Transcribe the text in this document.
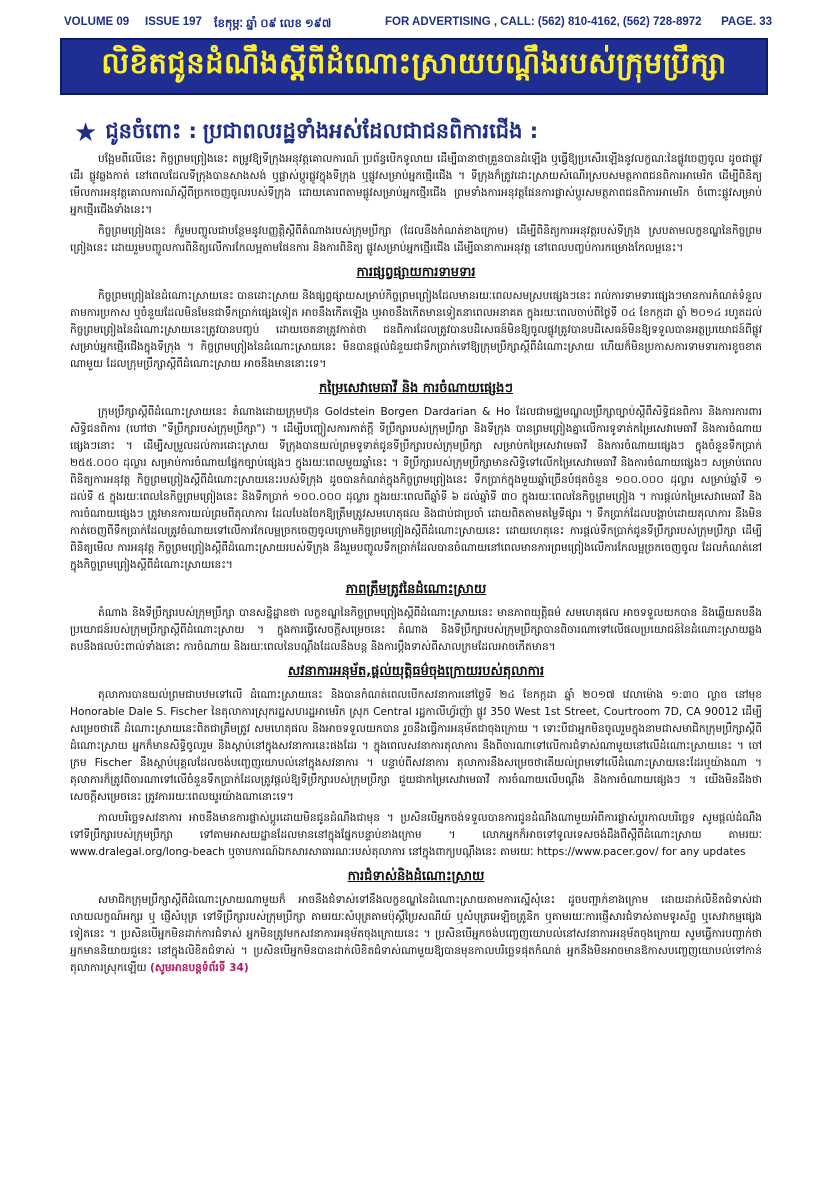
VOLUME 09 ISSUE 197 ខែកុម្ភៈ ឆ្នាំ ០៩ លេខ ១៩៧	FOR ADVERTISING , CALL: (562) 810-4162, (562) 728-8972 PAGE. 33
លិខិតជូនដំណឹងស្តីពីដំណោះស្រាយបណ្តឹងរបស់ក្រុមប្រឹក្សា
★ ជូនចំពោះ : ប្រជាពលរដ្ឋទាំងអស់ដែលជាជនពិការជើង :

បង្អែមពីលើនេះ កិច្ចព្រមព្រៀងនេះ តម្រូវឱ្យទីក្រុងអនុវត្តគោលការណ៍ ប្រព័ន្ធបើកទូលាយ ដើម្បីធានាថាគ្រួនបានដំឡើង ឬធ្វើឱ្យប្រសើរឡើងនូវលក្ខណៈនៃផ្លូវចេញចូល ដូចជាផ្លូវដើរ ផ្លូវឆ្លងកាត់ នៅពេលដែលទីក្រុងបានសាងសង់ ឬផ្លាស់ប្តូរផ្លូវក្នុងទីក្រុង ឬផ្លូវសម្រាប់អ្នកថ្មើរជើង ។ ទីក្រុងក៏ត្រូវដោះស្រាយសំណើរស្របសមត្ថភាពជនពិការអាមេរិក ដើម្បីពិនិត្យមើលការអនុវត្តគោលការណ៍ស្តីពីច្រកចេញចូលរបស់ទីក្រុង ដោយគោរពតាមផ្លូវសម្រាប់អ្នកថ្មើរជើង ព្រមទាំងការអនុវត្តផែនការផ្លាស់ប្តូរសមត្ថភាពជនពិការអាមេរិក ចំពោះផ្លូវសម្រាប់អ្នកថ្មើរជើងទាំងនេះ។

កិច្ចព្រមព្រៀងនេះ ក៏រួមបញ្ចូលជាបន្ថែមនូវបញ្ញត្តិស្តីពីតំណាងរបស់ក្រុមប្រឹក្សា (ដែលនឹងកំណត់ខាងក្រោម) ដើម្បីពិនិត្យការអនុវត្តរបស់ទីក្រុង ស្របតាមលក្ខខណ្ឌនៃកិច្ចព្រមព្រៀងនេះ ដោយរួមបញ្ចូលការពិនិត្យលើការកែលម្អតាមផែនការ និងការពិនិត្យ ផ្លូវសម្រាប់អ្នកថ្មើរជើង ដើម្បីធានាការអនុវត្ត នៅពេលបញ្ចប់ការកម្រោងកែលម្អនេះ។

ការផ្សព្វផ្សាយការទាមទារ

កិច្ចព្រមព្រៀងនៃដំណោះស្រាយនេះ បានដោះស្រាយ និងផ្សព្វផ្សាយសម្រាប់កិច្ចព្រមព្រៀងដែលមានរយៈពេលសមស្របផ្សេងៗនេះ រាល់ការទាមទារផ្សេងៗមានការកំណត់ទំនួលតាមការប្រកាស ឬចំនួយដែលមិនមែនជាទឹកប្រាក់ផ្សេងទៀត អាចនឹងកើតឡើង ឬអាចនឹងកើតមានទៀតនាពេលអនាគត ក្នុងរយៈពេលចាប់ពីថ្ងៃទី ០៤ ខែកក្កដា ឆ្នាំ ២០១៤ រហូតដល់កិច្ចព្រមព្រៀងនៃដំណោះស្រាយនេះត្រូវបានបញ្ចប់ ដោយចេតនាត្រូវកាត់ថា ជនពិការដែលត្រូវបានបដិសេធន៍មិនឱ្យចូលផ្លូវត្រូវបានបដិសេធន៍មិនឱ្យទទួលបានអត្ថប្រយោជន៍ពីផ្លូវសម្រាប់អ្នកថ្មើរជើងក្នុងទីក្រុង ។ កិច្ចព្រមព្រៀងនៃដំណោះស្រាយនេះ មិនបានផ្តល់ជំនួយជាទឹកប្រាក់ទៅឱ្យក្រុមប្រឹក្សាស្តីពីដំណោះស្រាយ ហើយក៏មិនប្រកាសការទាមទារការខូចខាតណាមួយ ដែលក្រុមប្រឹក្សាស្តីពីដំណោះស្រាយ អាចនឹងមាននោះទេ។

កម្រៃសេវាមេធាវី និង ការចំណាយផ្សេងៗ

ក្រុមប្រឹក្សាស្តីពីដំណោះស្រាយនេះ តំណាងដោយក្រុមហ៊ុន Goldstein Borgen Dardarian & Ho ដែលជាមជ្ឈមណ្ឌលប្រឹក្សាច្បាប់ស្តីពីសិទ្ធិជនពិការ និងការការពារសិទ្ធិជនពិការ (ហៅថា "ទីប្រឹក្សារបស់ក្រុមប្រឹក្សា") ។ ដើម្បីបញ្ចៀសការកាត់ក្តី ទីប្រឹក្សារបស់ក្រុមប្រឹក្សា និងទីក្រុង បានព្រមព្រៀងគ្នាលើការទូទាត់កម្រៃសេវាមេធាវី និងការចំណាយផ្សេងៗនោះ ។ ដើម្បីសម្រួលដល់ការដោះស្រាយ ទីក្រុងបានយល់ព្រមទូទាត់ជូនទីប្រឹក្សារបស់ក្រុមប្រឹក្សា សម្រាប់កម្រៃសេវាមេធាវី និងការចំណាយផ្សេងៗ ក្នុងចំនួនទឹកប្រាក់ ២៥៥.០០០ ដុល្លារ សម្រាប់ការចំណាយផ្នែកច្បាប់ផ្សេងៗ ក្នុងរយៈពេលមួយឆ្នាំនេះ ។ ទីប្រឹក្សារបស់ក្រុមប្រឹក្សាមានសិទ្ធិទៅលើកម្រៃសេវាមេធាវី និងការចំណាយផ្សេងៗ សម្រាប់ពេលពិនិត្យការអនុវត្ត កិច្ចព្រមព្រៀងស្តីពីដំណោះស្រាយនេះរបស់ទីក្រុង ដូចបានកំណត់ក្នុងកិច្ចព្រមព្រៀងនេះ ទឹកប្រាក់ក្នុងមួយឆ្នាំច្រើនបំផុតចំនួន ១០០.០០០ ដុល្លារ សម្រាប់ឆ្នាំទី ១ ដល់ទី ៥ ក្នុងរយៈពេលនៃកិច្ចព្រមព្រៀងនេះ និងទឹកប្រាក់ ១០០.០០០ ដុល្លារ ក្នុងរយៈពេលពីឆ្នាំទី ៦ ដល់ឆ្នាំទី ៣០ ក្នុងរយៈពេលនៃកិច្ចព្រមព្រៀង ។ ការផ្តល់កម្រៃសេវាមេធាវី និងការចំណាយផ្សេងៗ ត្រូវមានការយល់ព្រមពីតុលាការ ដែលបែងចែកឱ្យត្រឹមត្រូវសមហេតុផល និងជាប់ជាប្រចាំ ដោយពិតតាមតម្លៃទីផ្សារ ។ ទឹកប្រាក់ដែលបង្គាប់ដោយតុលាការ នឹងមិនកាត់ចេញពីទឹកប្រាក់ដែលត្រូវចំណាយទៅលើការកែលម្អច្រកចេញចូលក្រោមកិច្ចព្រមព្រៀងស្តីពីដំណោះស្រាយនេះ ដោយហេតុនេះ ការផ្តល់ទឹកប្រាក់ជូនទីប្រឹក្សារបស់ក្រុមប្រឹក្សា ដើម្បីពិនិត្យមើល ការអនុវត្ត កិច្ចព្រមព្រៀងស្តីពីដំណោះស្រាយរបស់ទីក្រុង នឹងរួមបញ្ចូលទឹកប្រាក់ដែលបានចំណាយនៅពេលមានការព្រមព្រៀងលើការកែលម្អច្រកចេញចូល ដែលកំណត់នៅក្នុងកិច្ចព្រមព្រៀងស្តីពីដំណោះស្រាយនេះ។

ភាពត្រឹមត្រូវនៃដំណោះស្រាយ

តំណាង និងទីប្រឹក្សារបស់ក្រុមប្រឹក្សា បានសន្និដ្ឋានថា លក្ខខណ្ឌនៃកិច្ចព្រមព្រៀងស្តីពីដំណោះស្រាយនេះ មានភាពយុត្តិធម៌ សមហេតុផល អាចទទួលយកបាន និងឆ្លើយតបនឹងប្រយោជន៍របស់ក្រុមប្រឹក្សាស្តីពីដំណោះស្រាយ ។ ក្នុងការធ្វើសេចក្តីសម្រេចនេះ តំណាង និងទីប្រឹក្សារបស់ក្រុមប្រឹក្សាបានពិចារណាទៅលើផលប្រយោជន៍នៃដំណោះស្រាយឆ្លងតបនឹងផលប៉ះពាល់ទាំងនោះ ការចំណាយ និងរយៈពេលនៃបណ្តឹងដែលនឹងបន្ត និងការប្តឹងទាស់ពីសាលក្រមដែលអាចកើតមាន។

សវនាការអនុម័ត,ផ្តល់យុត្តិធម៌ចុងក្រោយរបស់តុលាការ

តុលាការបានយល់ព្រមជាបឋមទៅលើ ដំណោះស្រាយនេះ និងបានកំណត់ពេលបើកសវនាការនៅថ្ងៃទី ២៤ ខែកក្កដា ឆ្នាំ ២០១៧ វេលាម៉ោង ១:៣០ ល្ងាច នៅមុខ Honorable Dale S. Fischer នៃតុលាការស្រុករដ្ឋសហរដ្ឋអាមេរិក ស្រុក Central រដ្ឋកាលីហ្វ័រញ៉ា ផ្លូវ 350 West 1st Street, Courtroom 7D, CA 90012 ដើម្បីសម្រេចថាតើ ដំណោះស្រាយនេះពិតជាត្រឹមត្រូវ សមហេតុផល និងអាចទទួលយកបាន រួចនឹងធ្វើការអនុម័តជាចុងក្រោយ ។ ទោះបីជាអ្នកមិនចូលរួមក្នុងនាមជាសមាជិកក្រុមប្រឹក្សាស្តីពីដំណោះស្រាយ អ្នកក៏មានសិទ្ធិចូលរួម និងស្តាប់នៅក្នុងសវនាការនេះផងដែរ ។ ក្នុងពេលសវនាការតុលាការ នឹងពិចារណាទៅលើការជំទាស់ណាមួយនៅលើដំណោះស្រាយនេះ ។ ចៅក្រម Fischer នឹងស្តាប់បុគ្គលដែលចង់បញ្ចេញយោបល់នៅក្នុងសវនាការ ។ បន្ទាប់ពីសវនាការ តុលាការនឹងសម្រេចថាតើយល់ព្រមទៅលើដំណោះស្រាយនេះដែរឬយ៉ាងណា ។ តុលាការក៏ត្រូវពិចារណាទៅលើចំនួនទឹកប្រាក់ដែលត្រូវផ្តល់ឱ្យទីប្រឹក្សារបស់ក្រុមប្រឹក្សា ជួយជាកម្រៃសេវាមេធាវី ការចំណាយលើបណ្តឹង និងការចំណាយផ្សេងៗ ។ យើងមិនដឹងថា សេចក្តីសម្រេចនេះ ត្រូវការរយៈពេលយូរយ៉ាងណានោះទេ។

កាលបរិច្ឆេទសវនាការ អាចនឹងមានការផ្លាស់ប្តូរដោយមិនជូនដំណឹងជាមុន ។ ប្រសិនបើអ្នកចង់ទទួលបានការជូនដំណឹងណាមួយអំពីការផ្លាស់ប្តូរកាលបរិច្ឆេទ សូមផ្តល់ដំណឹងទៅទីប្រឹក្សារបស់ក្រុមប្រឹក្សា ទៅតាមអាសយដ្ឋានដែលមាននៅក្នុងផ្នែកបន្ទាប់ខាងក្រោម ។ លោកអ្នកក៏អាចទៅទូលទេសចង់ដឹងពីស្តីពីដំណោះស្រាយ តាមរយៈ www.dralegal.org/long-beach ឬចាបការណ៍ឯកសារសាធារណៈរបស់តុលាការ នៅក្នុងពាក្យបណ្តឹងនេះ តាមរយៈ https://www.pacer.gov/ for any updates

ការជំទាស់និងដំណោះស្រាយ

សមាជិកក្រុមប្រឹក្សាស្តីពីដំណោះស្រាយណាមួយក៏ អាចនឹងជំទាស់ទៅនឹងលក្ខខណ្ឌនៃដំណោះស្រាយតាមការស្នើសុំនេះ ដូចបញ្ជាក់ខាងក្រោម ដោយដាក់លិខិតជំទាស់ជាលាយលក្ខណ៍អក្សរ ឬ ផ្ញើសំបុត្រ ទៅទីប្រឹក្សារបស់ក្រុមប្រឹក្សា តាមរយៈសំបុត្រតាមប៉ុស្តិ៍ប្រៃសណីយ៍ ឬសំបុត្រអេឡិចត្រូនិក ឬតាមរយៈការផ្ញើសារជំទាស់តាមទូរស័ព្ទ ឬសេវាកម្មផ្សេងទៀតនេះ ។ ប្រសិនបើអ្នកមិនដាក់ការជំទាស់ អ្នកមិនត្រូវមកសវនាការអនុម័តចុងក្រោយនេះ ។ ប្រសិនបើអ្នកចង់បញ្ចេញយោបល់នៅសវនាការអនុម័តចុងក្រោយ សូមធ្វើការបញ្ជាក់ថា អ្នកមាននិយាយជួនេះ នៅក្នុងលិខិតជំទាស់ ។ ប្រសិនបើអ្នកមិនបានដាក់លិខិតជំទាស់ណាមួយឱ្យបានមុនកាលបរិច្ឆេទផុតកំណត់ អ្នកនឹងមិនអាចមានឱកាសបញ្ចេញយោបល់ទៅកាន់តុលាការស្រុកឡើយ (សូមអានបន្តទំព័រទី 34)
